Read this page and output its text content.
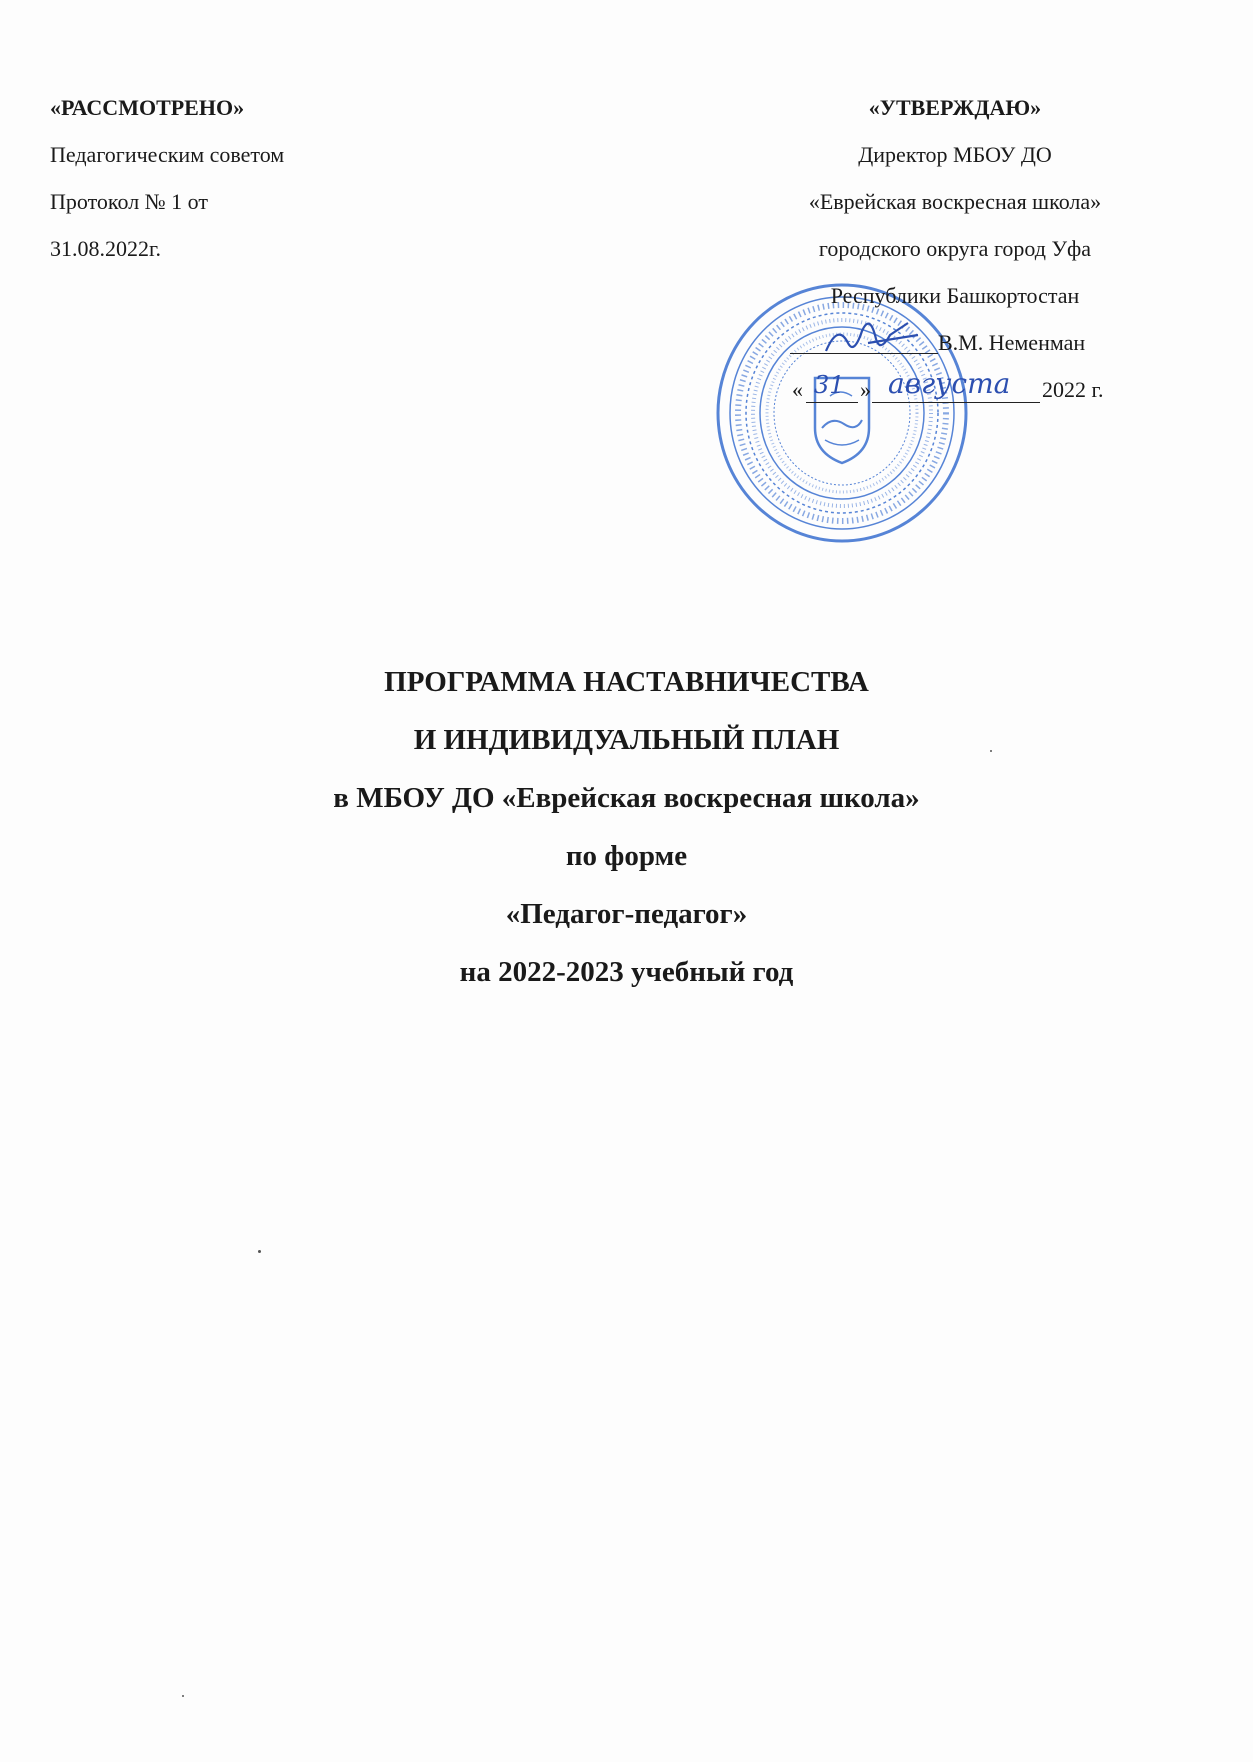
«РАССМОТРЕНО»
Педагогическим советом
Протокол № 1 от
31.08.2022г.
«УТВЕРЖДАЮ»
Директор МБОУ ДО
«Еврейская воскресная школа»
городского округа город Уфа
Республики Башкортостан
В.М. Неменман
« 31 » августа 2022 г.
ПРОГРАММА НАСТАВНИЧЕСТВА
И ИНДИВИДУАЛЬНЫЙ ПЛАН
в МБОУ ДО «Еврейская воскресная школа»
по форме
«Педагог-педагог»
на 2022-2023 учебный год
